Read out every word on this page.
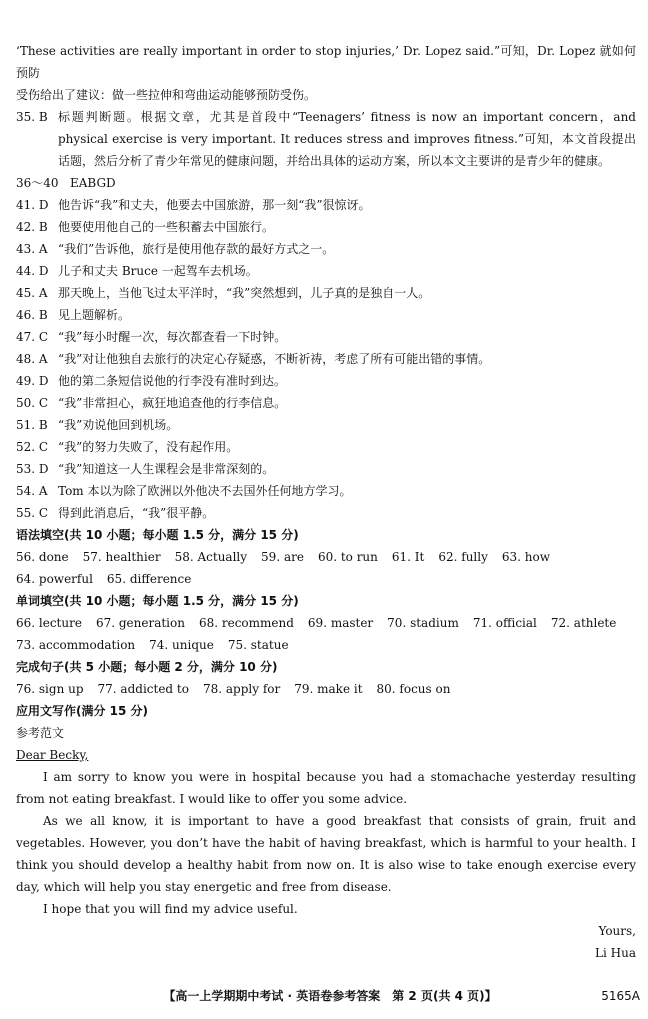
‘These activities are really important in order to stop injuries,’ Dr. Lopez said.”可知，Dr. Lopez 就如何预防

受伤给出了建议：做一些拉伸和弯曲运动能够预防受伤。

35. B 标题判断题。根据文章，尤其是首段中“Teenagers’ fitness is now an important concern，and physical exercise is very important. It reduces stress and improves fitness.”可知，本文首段提出话题，然后分析了青少年常见的健康问题，并给出具体的运动方案，所以本文主要讲的是青少年的健康。
36～40 EABGD
41. D 他告诉“我”和丈夫，他要去中国旅游，那一刻“我”很惊讶。
42. B 他要使用他自己的一些积蓄去中国旅行。
43. A “我们”告诉他，旅行是使用他存款的最好方式之一。
44. D 儿子和丈夫 Bruce 一起驾车去机场。
45. A 那天晚上，当他飞过太平洋时，“我”突然想到，儿子真的是独自一人。
46. B 见上题解析。
47. C “我”每小时醒一次，每次都查看一下时钟。
48. A “我”对让他独自去旅行的决定心存疑惑，不断祈祷，考虑了所有可能出错的事情。
49. D 他的第二条短信说他的行李没有准时到达。
50. C “我”非常担心，疯狂地追查他的行李信息。
51. B “我”劝说他回到机场。
52. C “我”的努力失败了，没有起作用。
53. D “我”知道这一人生课程会是非常深刻的。
54. A Tom 本以为除了欧洲以外他决不去国外任何地方学习。
55. C 得到此消息后，“我”很平静。
语法填空(共 10 小题；每小题 1.5 分，满分 15 分)
56. done 57. healthier 58. Actually 59. are 60. to run 61. It 62. fully 63. how
64. powerful 65. difference
单词填空(共 10 小题；每小题 1.5 分，满分 15 分)
66. lecture 67. generation 68. recommend 69. master 70. stadium 71. official 72. athlete
73. accommodation 74. unique 75. statue
完成句子(共 5 小题；每小题 2 分，满分 10 分)
76. sign up 77. addicted to 78. apply for 79. make it 80. focus on
应用文写作(满分 15 分)
参考范文
Dear Becky,

I am sorry to know you were in hospital because you had a stomachache yesterday resulting from not eating breakfast. I would like to offer you some advice.

As we all know, it is important to have a good breakfast that consists of grain, fruit and vegetables. However, you don’t have the habit of having breakfast, which is harmful to your health. I think you should develop a healthy habit from now on. It is also wise to take enough exercise every day, which will help you stay energetic and free from disease.

I hope that you will find my advice useful.

Yours,
Li Hua
【高一上学期期中考试 · 英语卷参考答案　第 2 页(共 4 页)】	5165A
